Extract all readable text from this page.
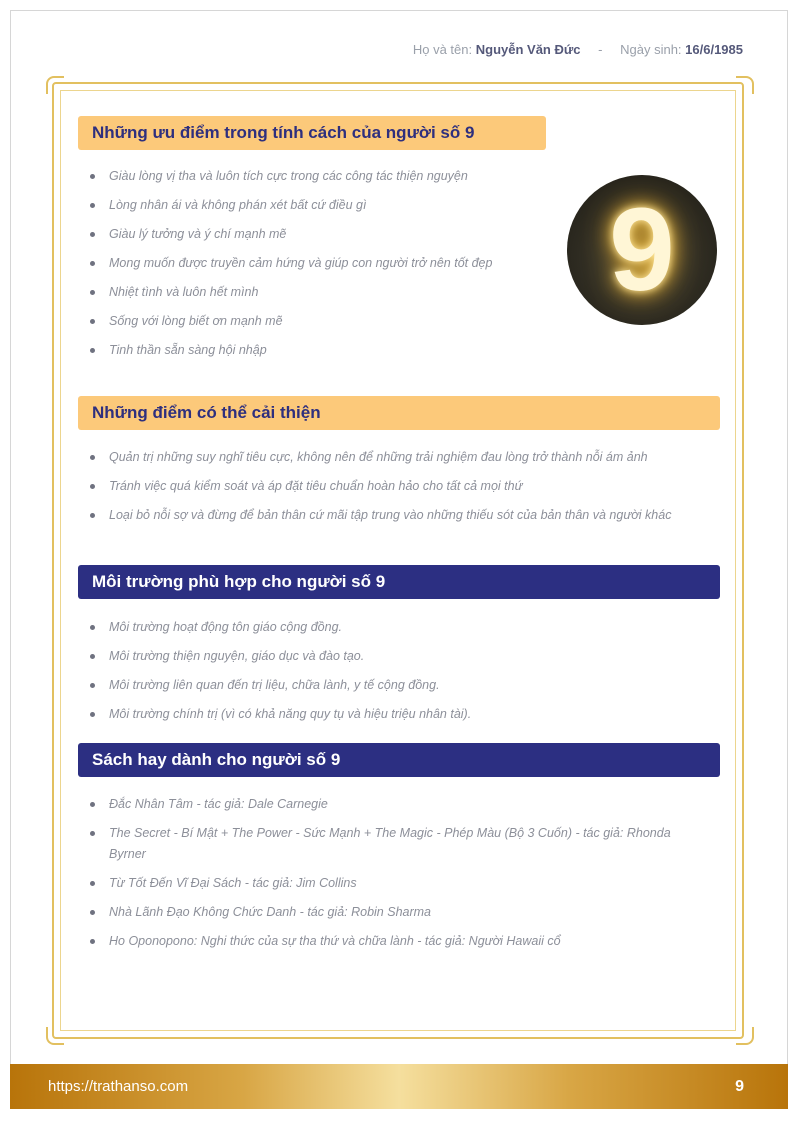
Họ và tên: Nguyễn Văn Đức - Ngày sinh: 16/6/1985
Những ưu điểm trong tính cách của người số 9
Giàu lòng vị tha và luôn tích cực trong các công tác thiện nguyện
Lòng nhân ái và không phán xét bất cứ điều gì
Giàu lý tưởng và ý chí mạnh mẽ
Mong muốn được truyền cảm hứng và giúp con người trở nên tốt đẹp
Nhiệt tình và luôn hết mình
Sống với lòng biết ơn mạnh mẽ
Tinh thần sẵn sàng hội nhập
9
Những điểm có thể cải thiện
Quản trị những suy nghĩ tiêu cực, không nên để những trải nghiệm đau lòng trở thành nỗi ám ảnh
Tránh việc quá kiểm soát và áp đặt tiêu chuẩn hoàn hảo cho tất cả mọi thứ
Loại bỏ nỗi sợ và đừng để bản thân cứ mãi tập trung vào những thiếu sót của bản thân và người khác
Môi trường phù hợp cho người số 9
Môi trường hoạt động tôn giáo cộng đồng.
Môi trường thiện nguyện, giáo dục và đào tạo.
Môi trường liên quan đến trị liệu, chữa lành, y tế cộng đồng.
Môi trường chính trị (vì có khả năng quy tụ và hiệu triệu nhân tài).
Sách hay dành cho người số 9
Đắc Nhân Tâm - tác giả: Dale Carnegie
The Secret - Bí Mật + The Power - Sức Mạnh + The Magic - Phép Màu (Bộ 3 Cuốn) - tác giả: Rhonda Byrner
Từ Tốt Đến Vĩ Đại Sách - tác giả: Jim Collins
Nhà Lãnh Đạo Không Chức Danh - tác giả: Robin Sharma
Ho Oponopono: Nghi thức của sự tha thứ và chữa lành - tác giả: Người Hawaii cổ
https://trathanso.com	9
